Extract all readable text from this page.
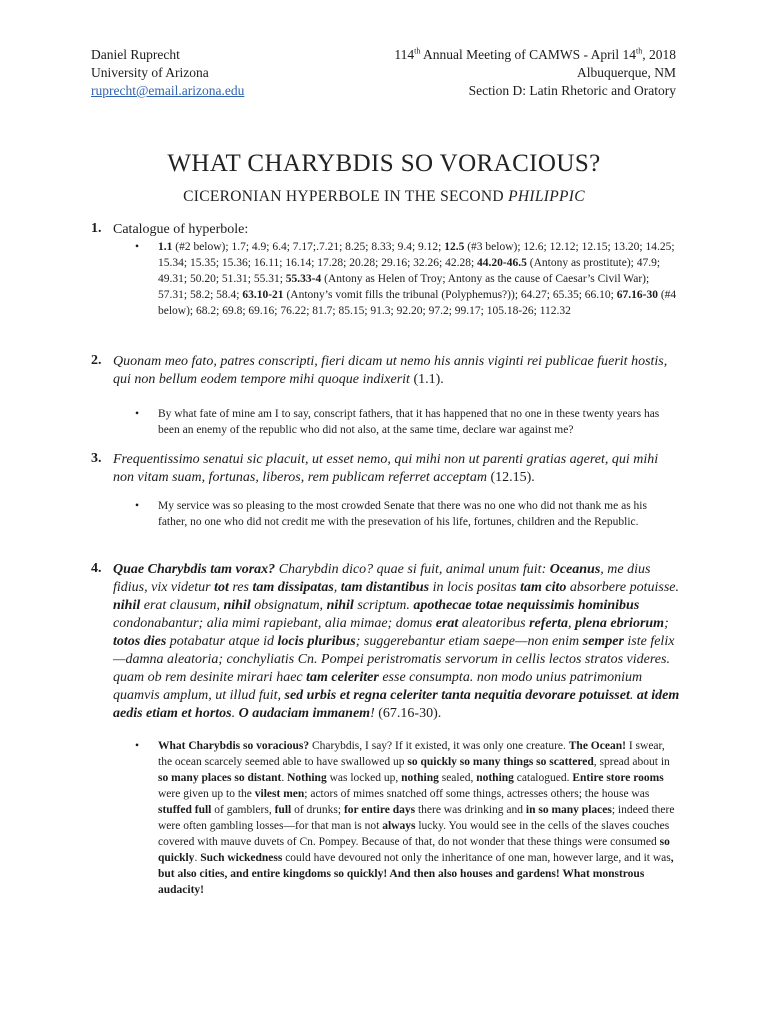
Daniel Ruprecht
University of Arizona
ruprecht@email.arizona.edu
114th Annual Meeting of CAMWS - April 14th, 2018
Albuquerque, NM
Section D: Latin Rhetoric and Oratory
WHAT CHARYBDIS SO VORACIOUS?
CICERONIAN HYPERBOLE IN THE SECOND PHILIPPIC
1. Catalogue of hyperbole:
• 1.1 (#2 below); 1.7; 4.9; 6.4; 7.17;.7.21; 8.25; 8.33; 9.4; 9.12; 12.5 (#3 below); 12.6; 12.12; 12.15; 13.20; 14.25; 15.34; 15.35; 15.36; 16.11; 16.14; 17.28; 20.28; 29.16; 32.26; 42.28; 44.20-46.5 (Antony as prostitute); 47.9; 49.31; 50.20; 51.31; 55.31; 55.33-4 (Antony as Helen of Troy; Antony as the cause of Caesar’s Civil War); 57.31; 58.2; 58.4; 63.10-21 (Antony’s vomit fills the tribunal (Polyphemus?)); 64.27; 65.35; 66.10; 67.16-30 (#4 below); 68.2; 69.8; 69.16; 76.22; 81.7; 85.15; 91.3; 92.20; 97.2; 99.17; 105.18-26; 112.32
2. Quonam meo fato, patres conscripti, fieri dicam ut nemo his annis viginti rei publicae fuerit hostis, qui non bellum eodem tempore mihi quoque indixerit (1.1).
• By what fate of mine am I to say, conscript fathers, that it has happened that no one in these twenty years has been an enemy of the republic who did not also, at the same time, declare war against me?
3. Frequentissimo senatui sic placuit, ut esset nemo, qui mihi non ut parenti gratias ageret, qui mihi non vitam suam, fortunas, liberos, rem publicam referret acceptam (12.15).
• My service was so pleasing to the most crowded Senate that there was no one who did not thank me as his father, no one who did not credit me with the presevation of his life, fortunes, children and the Republic.
4. Quae Charybdis tam vorax? Charybdin dico? quae si fuit, animal unum fuit: Oceanus, me dius fidius, vix videtur tot res tam dissipatas, tam distantibus in locis positas tam cito absorbere potuisse. nihil erat clausum, nihil obsignatum, nihil scriptum. apothecae totae nequissimis hominibus condonabantur; alia mimi rapiebant, alia mimae; domus erat aleatoribus referta, plena ebriorum; totos dies potabatur atque id locis pluribus; suggerebantur etiam saepe—non enim semper iste felix —damna aleatoria; conchyliatis Cn. Pompei peristromatis servorum in cellis lectos stratos videres. quam ob rem desinite mirari haec tam celeriter esse consumpta. non modo unius patrimonium quamvis amplum, ut illud fuit, sed urbis et regna celeriter tanta nequitia devorare potuisset. at idem aedis etiam et hortos. O audaciam immanem! (67.16-30).
• What Charybdis so voracious? Charybdis, I say? If it existed, it was only one creature. The Ocean! I swear, the ocean scarcely seemed able to have swallowed up so quickly so many things so scattered, spread about in so many places so distant. Nothing was locked up, nothing sealed, nothing catalogued. Entire store rooms were given up to the vilest men; actors of mimes snatched off some things, actresses others; the house was stuffed full of gamblers, full of drunks; for entire days there was drinking and in so many places; indeed there were often gambling losses—for that man is not always lucky. You would see in the cells of the slaves couches covered with mauve duvets of Cn. Pompey. Because of that, do not wonder that these things were consumed so quickly. Such wickedness could have devoured not only the inheritance of one man, however large, and it was, but also cities, and entire kingdoms so quickly! And then also houses and gardens! What monstrous audacity!
